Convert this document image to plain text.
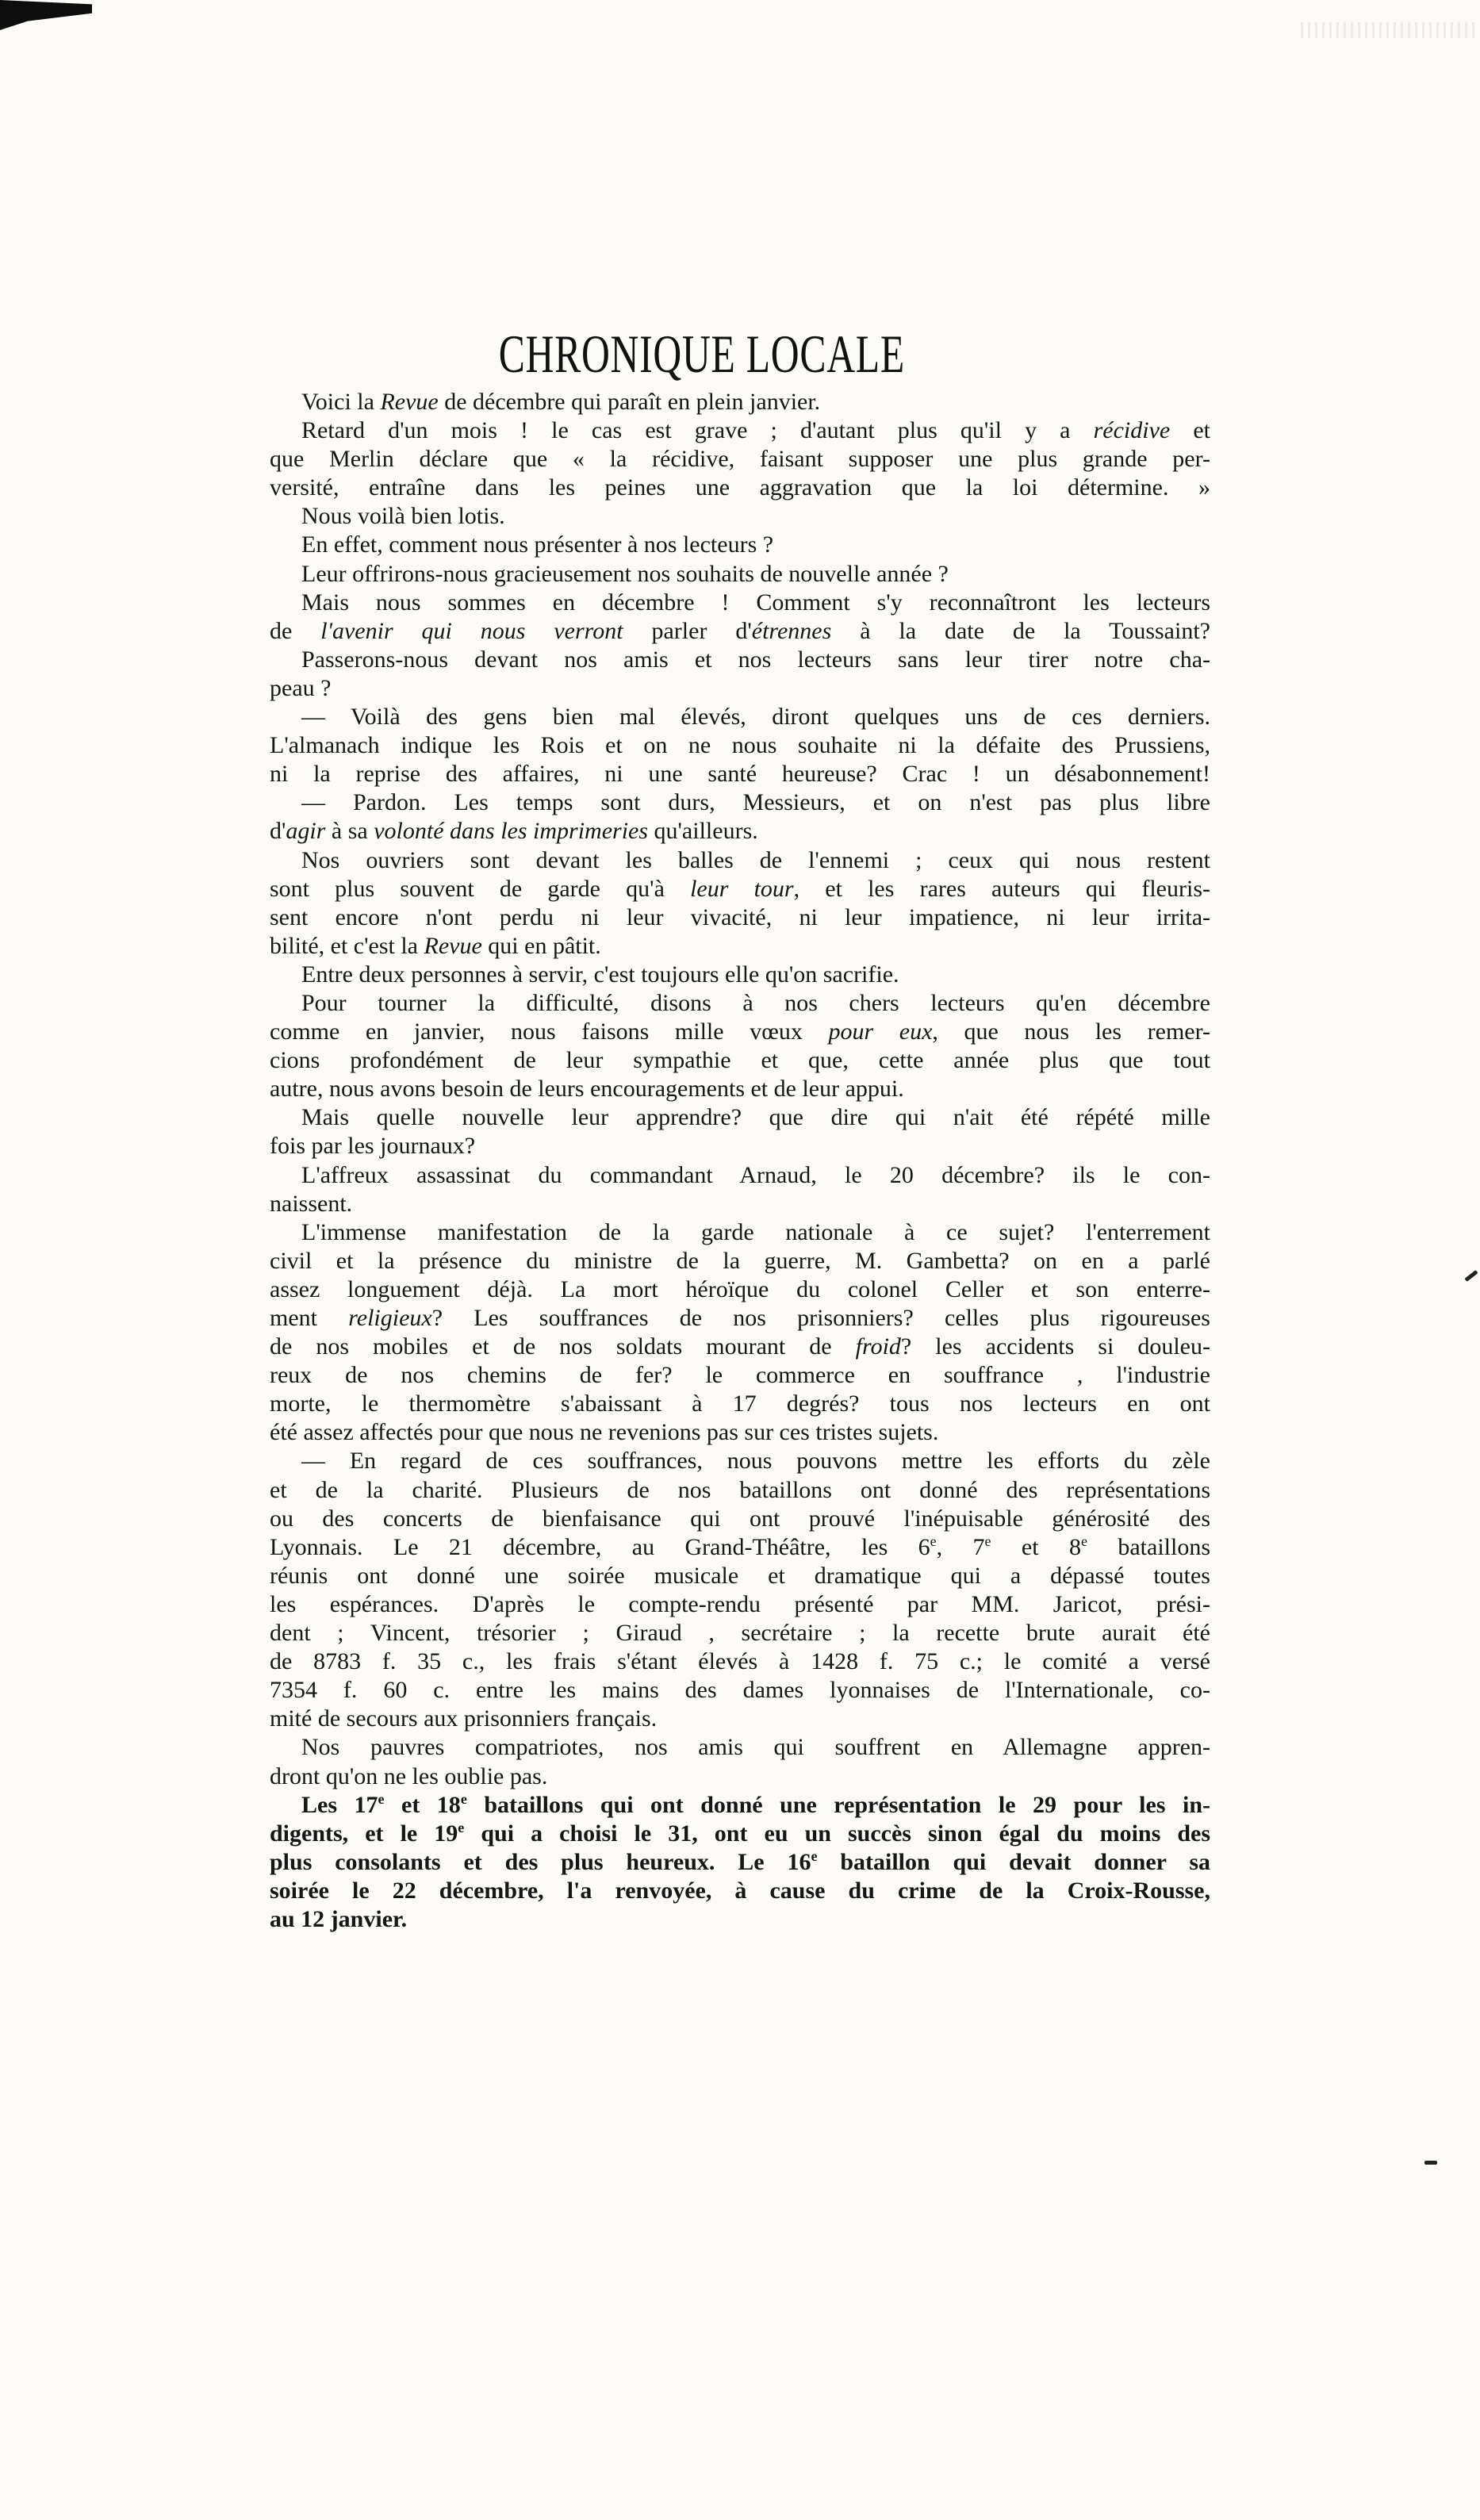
CHRONIQUE LOCALE
Voici la Revue de décembre qui paraît en plein janvier.
Retard d'un mois ! le cas est grave ; d'autant plus qu'il y a récidive et
que Merlin déclare que « la récidive, faisant supposer une plus grande per-
versité, entraîne dans les peines une aggravation que la loi détermine. »
Nous voilà bien lotis.
En effet, comment nous présenter à nos lecteurs ?
Leur offrirons-nous gracieusement nos souhaits de nouvelle année ?
Mais nous sommes en décembre ! Comment s'y reconnaîtront les lecteurs
de l'avenir qui nous verront parler d'étrennes à la date de la Toussaint?
Passerons-nous devant nos amis et nos lecteurs sans leur tirer notre cha-
peau ?
— Voilà des gens bien mal élevés, diront quelques uns de ces derniers.
L'almanach indique les Rois et on ne nous souhaite ni la défaite des Prussiens,
ni la reprise des affaires, ni une santé heureuse? Crac ! un désabonnement!
— Pardon. Les temps sont durs, Messieurs, et on n'est pas plus libre
d'agir à sa volonté dans les imprimeries qu'ailleurs.
Nos ouvriers sont devant les balles de l'ennemi ; ceux qui nous restent
sont plus souvent de garde qu'à leur tour, et les rares auteurs qui fleuris-
sent encore n'ont perdu ni leur vivacité, ni leur impatience, ni leur irrita-
bilité, et c'est la Revue qui en pâtit.
Entre deux personnes à servir, c'est toujours elle qu'on sacrifie.
Pour tourner la difficulté, disons à nos chers lecteurs qu'en décembre
comme en janvier, nous faisons mille vœux pour eux, que nous les remer-
cions profondément de leur sympathie et que, cette année plus que tout
autre, nous avons besoin de leurs encouragements et de leur appui.
Mais quelle nouvelle leur apprendre? que dire qui n'ait été répété mille
fois par les journaux?
L'affreux assassinat du commandant Arnaud, le 20 décembre? ils le con-
naissent.
L'immense manifestation de la garde nationale à ce sujet? l'enterrement
civil et la présence du ministre de la guerre, M. Gambetta? on en a parlé
assez longuement déjà. La mort héroïque du colonel Celler et son enterre-
ment religieux? Les souffrances de nos prisonniers? celles plus rigoureuses
de nos mobiles et de nos soldats mourant de froid? les accidents si douleu-
reux de nos chemins de fer? le commerce en souffrance , l'industrie
morte, le thermomètre s'abaissant à 17 degrés? tous nos lecteurs en ont
été assez affectés pour que nous ne revenions pas sur ces tristes sujets.
— En regard de ces souffrances, nous pouvons mettre les efforts du zèle
et de la charité. Plusieurs de nos bataillons ont donné des représentations
ou des concerts de bienfaisance qui ont prouvé l'inépuisable générosité des
Lyonnais. Le 21 décembre, au Grand-Théâtre, les 6e, 7e et 8e bataillons
réunis ont donné une soirée musicale et dramatique qui a dépassé toutes
les espérances. D'après le compte-rendu présenté par MM. Jaricot, prési-
dent ; Vincent, trésorier ; Giraud , secrétaire ; la recette brute aurait été
de 8783 f. 35 c., les frais s'étant élevés à 1428 f. 75 c.; le comité a versé
7354 f. 60 c. entre les mains des dames lyonnaises de l'Internationale, co-
mité de secours aux prisonniers français.
Nos pauvres compatriotes, nos amis qui souffrent en Allemagne appren-
dront qu'on ne les oublie pas.
Les 17e et 18e bataillons qui ont donné une représentation le 29 pour les in-
digents, et le 19e qui a choisi le 31, ont eu un succès sinon égal du moins des
plus consolants et des plus heureux. Le 16e bataillon qui devait donner sa
soirée le 22 décembre, l'a renvoyée, à cause du crime de la Croix-Rousse,
au 12 janvier.
